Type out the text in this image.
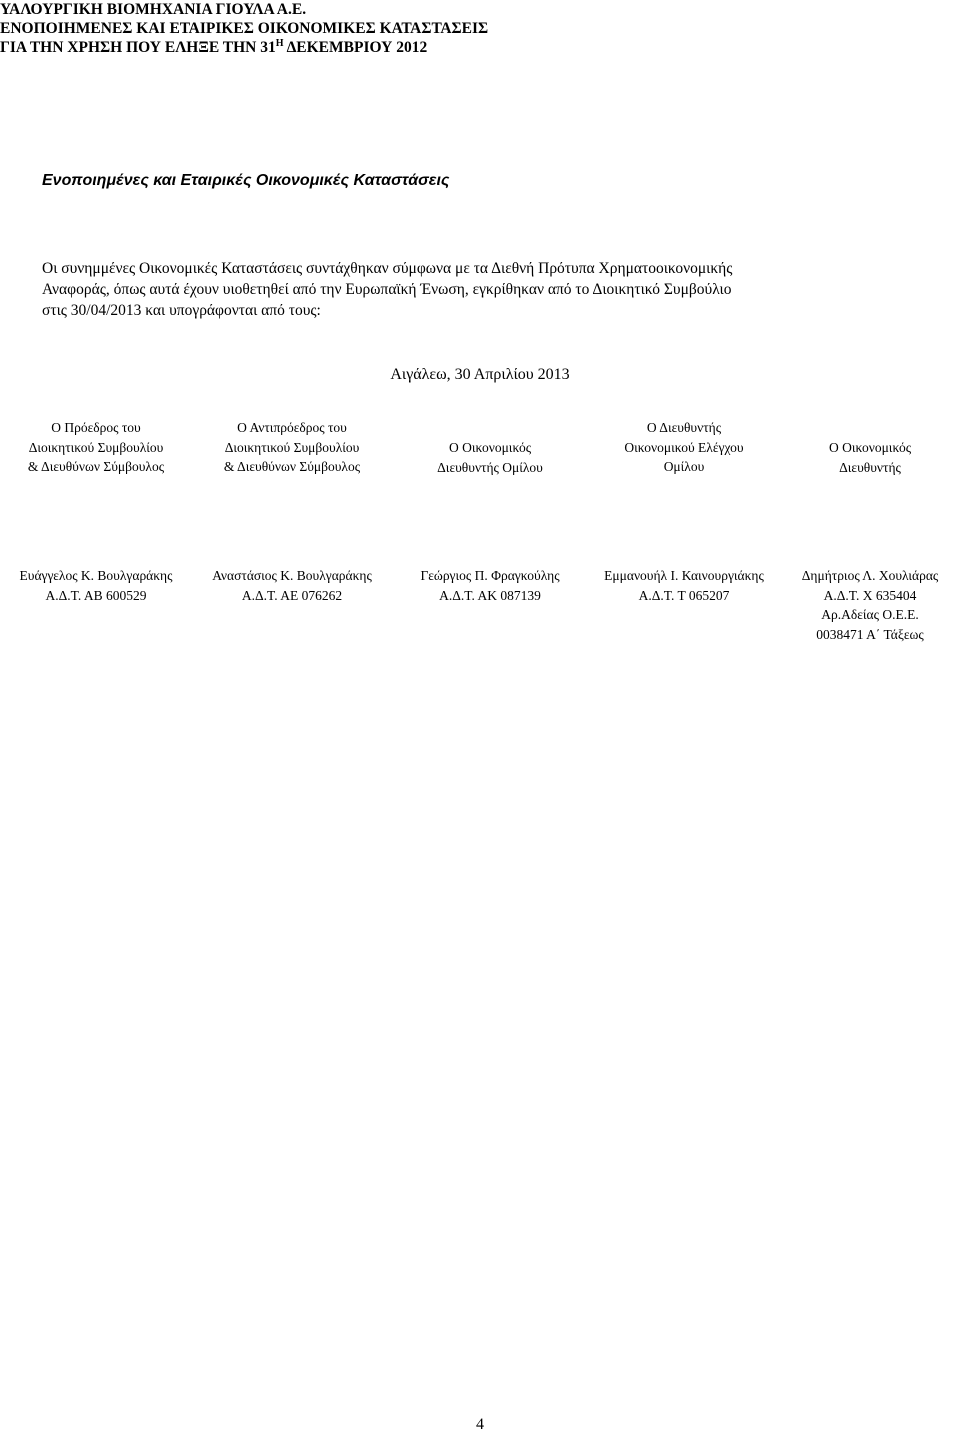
ΥΑΛΟΥΡΓΙΚΗ ΒΙΟΜΗΧΑΝΙΑ ΓΙΟΥΛΑ Α.Ε.
ΕΝΟΠΟΙΗΜΕΝΕΣ ΚΑΙ ΕΤΑΙΡΙΚΕΣ ΟΙΚΟΝΟΜΙΚΕΣ ΚΑΤΑΣΤΑΣΕΙΣ
ΓΙΑ ΤΗΝ ΧΡΗΣΗ ΠΟΥ ΕΛΗΞΕ ΤΗΝ $31^H$ ΔΕΚΕΜΒΡΙΟΥ 2012
Ενοποιημένες και Εταιρικές Οικονομικές Καταστάσεις
Οι συνημμένες Οικονομικές Καταστάσεις συντάχθηκαν σύμφωνα με τα Διεθνή Πρότυπα Χρηματοοικονομικής
Αναφοράς, όπως αυτά έχουν υιοθετηθεί από την Ευρωπαϊκή Ένωση, εγκρίθηκαν από το Διοικητικό Συμβούλιο
στις 30/04/2013 και υπογράφονται από τους:
Αιγάλεω, 30 Απριλίου 2013
Ο Πρόεδρος του
Διοικητικού Συμβουλίου
& Διευθύνων Σύμβουλος
Ευάγγελος Κ. Βουλγαράκης
Α.Δ.Τ. ΑΒ 600529
Ο Αντιπρόεδρος του
Διοικητικού Συμβουλίου
& Διευθύνων Σύμβουλος
Αναστάσιος Κ. Βουλγαράκης
Α.Δ.Τ. ΑΕ 076262
Ο Οικονομικός
Διευθυντής Ομίλου
Γεώργιος Π. Φραγκούλης
Α.Δ.Τ. ΑΚ 087139
Ο Διευθυντής
Οικονομικού Ελέγχου
Ομίλου
Εμμανουήλ Ι. Καινουργιάκης
Α.Δ.Τ. Τ 065207
Ο Οικονομικός
Διευθυντής
Δημήτριος Λ. Χουλιάρας
Α.Δ.Τ. Χ 635404
Αρ.Αδείας Ο.Ε.Ε.
0038471 Α΄ Τάξεως
4
